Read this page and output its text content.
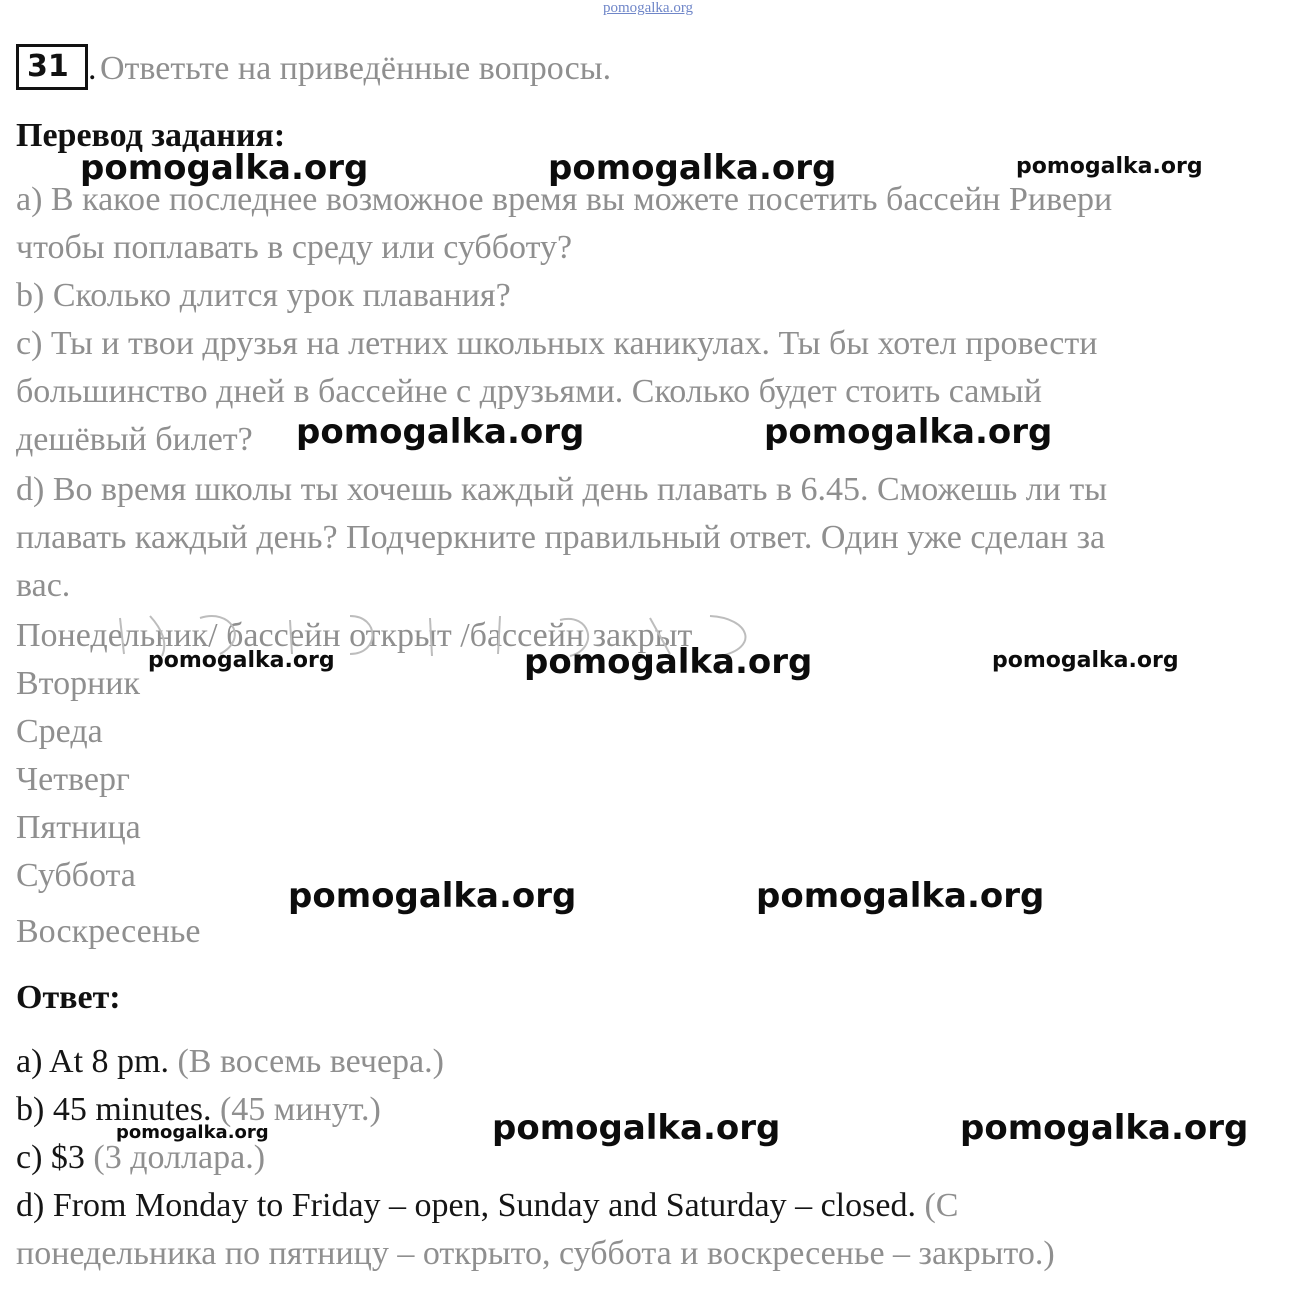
pomogalka.org
31 . Ответьте на приведённые вопросы.
Перевод задания:
a) В какое последнее возможное время вы можете посетить бассейн Ривери
чтобы поплавать в среду или субботу?
b) Сколько длится урок плавания?
c) Ты и твои друзья на летних школьных каникулах. Ты бы хотел провести
большинство дней в бассейне с друзьями. Сколько будет стоить самый
дешёвый билет?
d) Во время школы ты хочешь каждый день плавать в 6.45. Сможешь ли ты
плавать каждый день? Подчеркните правильный ответ. Один уже сделан за
вас.
Понедельник/ бассейн открыт /бассейн закрыт
Вторник
Среда
Четверг
Пятница
Суббота
Воскресенье
Ответ:
a) At 8 pm. (В восемь вечера.)
b) 45 minutes. (45 минут.)
c) $3 (3 доллара.)
d) From Monday to Friday – open, Sunday and Saturday – closed. (С
понедельника по пятницу – открыто, суббота и воскресенье – закрыто.)
pomogalka.org	pomogalka.org	pomogalka.org
pomogalka.org	pomogalka.org
pomogalka.org	pomogalka.org	pomogalka.org
pomogalka.org	pomogalka.org
pomogalka.org	pomogalka.org	pomogalka.org
